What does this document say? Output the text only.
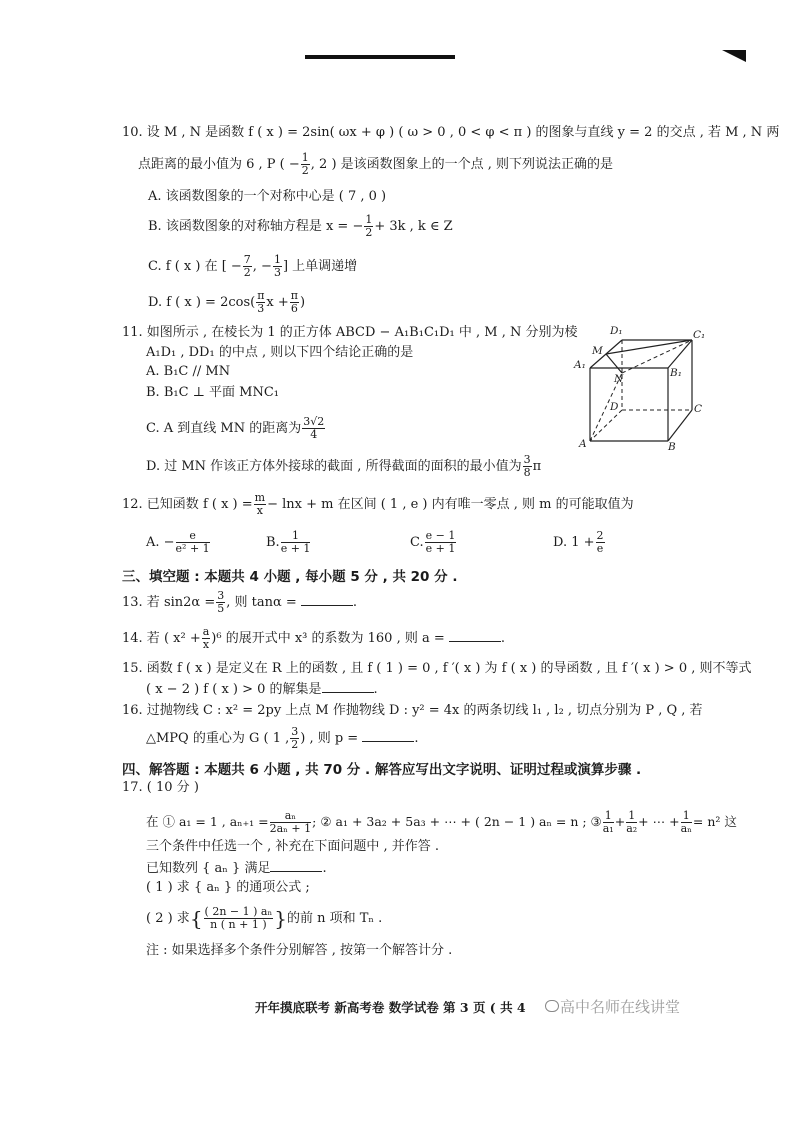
10. 设 M , N 是函数 f ( x ) = 2sin( ωx + φ ) ( ω > 0 , 0 < φ < π ) 的图象与直线 y = 2 的交点 , 若 M , N 两
点距离的最小值为 6 , P ( − $\frac{1}{2}$ , 2 ) 是该函数图象上的一个点 , 则下列说法正确的是
A. 该函数图象的一个对称中心是 ( 7 , 0 )
B. 该函数图象的对称轴方程是 x = − $\frac{1}{2} + 3k$ , k ∈ Z
C. f ( x ) 在 [ − $\frac{7}{2}$ , − $\frac{1}{3}$ ] 上单调递增
D. f ( x ) = $2\cos( \frac{\pi}{3}$ $x + \frac{\pi}{6}$ )
11. 如图所示 , 在棱长为 1 的正方体 ABCD − A₁B₁C₁D₁ 中 , M , N 分别为棱
A₁D₁ , DD₁ 的中点 , 则以下四个结论正确的是
A. B₁C // MN
B. B₁C ⊥ 平面 MNC₁
C. A 到直线 MN 的距离为 $\frac{3√2}{4}$
D. 过 MN 作该正方体外接球的截面 , 所得截面的面积的最小值为 $\frac{3}{8}$ π
D₁	C₁
M
A₁
N	B₁
D	C
A	B
12. 已知函数 f ( x ) = $\frac{m}{x} - \ln x + m$ 在区间 ( 1 , e ) 内有唯一零点 , 则 m 的可能取值为
A. − $\frac{e}{\text{e² + 1}}$	B. $\frac{1}{e + 1}$	C. $\frac{e - 1}{e + 1}$	D. $1 + \frac{2}{e}$
三、填空题 : 本题共 4 小题 , 每小题 5 分 , 共 20 分 .
13. 若 $\sin 2\alpha = \frac{3}{5}$ , 则 tanα =	.
14. 若 ( $x^2 + \frac{a}{x} )^6$ 的展开式中 x³ 的系数为 160 , 则 a =	.
15. 函数 f ( x ) 是定义在 R 上的函数 , 且 f ( 1 ) = 0 , f ′( x ) 为 f ( x ) 的导函数 , 且 f ′( x ) > 0 , 则不等式
( x − 2 ) f ( x ) > 0 的解集是	.
16. 过抛物线 C : x² = 2py 上点 M 作抛物线 D : y² = 4x 的两条切线 l₁ , l₂ , 切点分别为 P , Q , 若
△MPQ 的重心为 G ( 1 , $\frac{3}{2}$ ) , 则 p =	.
四、解答题 : 本题共 6 小题 , 共 70 分 . 解答应写出文字说明、证明过程或演算步骤 .
17. ( 10 分 )
在 ① a₁ = 1 , $a_{n+1} = \frac{\text{aₙ}}{\text{2aₙ + 1}}$ ; ② a₁ + 3a₂ + 5a₃ + ⋯ + ( 2n − 1 ) aₙ = n ; ③ $\frac{1}{\text{a₁}} + \frac{1}{\text{a₂}}$ + ⋯ + $\frac{1}{\text{aₙ}} = n^2$ 这
三个条件中任选一个 , 补充在下面问题中 , 并作答 .
已知数列 { aₙ } 满足	.
( 1 ) 求 { aₙ } 的通项公式 ;
( 2 ) 求{ $\frac{\text{( 2n − 1 ) aₙ}}{n ( n + 1 )}$ }的前 n 项和 Tₙ .
注 : 如果选择多个条件分别解答 , 按第一个解答计分 .
开年摸底联考 新高考卷 数学试卷 第 3 页 ( 共 4 高中名师在线讲堂
